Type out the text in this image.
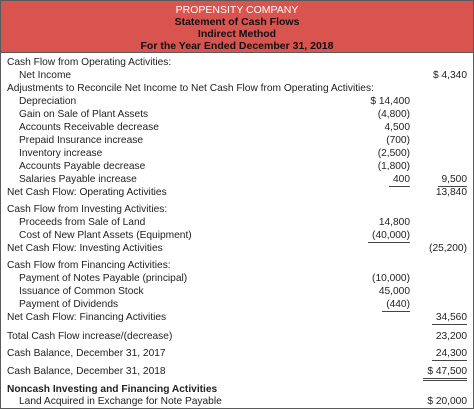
PROPENSITY COMPANY
Statement of Cash Flows
Indirect Method
For the Year Ended December 31, 2018
Cash Flow from Operating Activities:
Net Income	$ 4,340
Adjustments to Reconcile Net Income to Net Cash Flow from Operating Activities:
Depreciation	$ 14,400
Gain on Sale of Plant Assets	(4,800)
Accounts Receivable decrease	4,500
Prepaid Insurance increase	(700)
Inventory increase	(2,500)
Accounts Payable decrease	(1,800)
Salaries Payable increase	400	9,500
Net Cash Flow: Operating Activities	13,840
Cash Flow from Investing Activities:
Proceeds from Sale of Land	14,800
Cost of New Plant Assets (Equipment)	(40,000)
Net Cash Flow: Investing Activities	(25,200)
Cash Flow from Financing Activities:
Payment of Notes Payable (principal)	(10,000)
Issuance of Common Stock	45,000
Payment of Dividends	(440)
Net Cash Flow: Financing Activities	34,560
Total Cash Flow increase/(decrease)	23,200
Cash Balance, December 31, 2017	24,300
Cash Balance, December 31, 2018	$ 47,500
Noncash Investing and Financing Activities
Land Acquired in Exchange for Note Payable	$ 20,000
